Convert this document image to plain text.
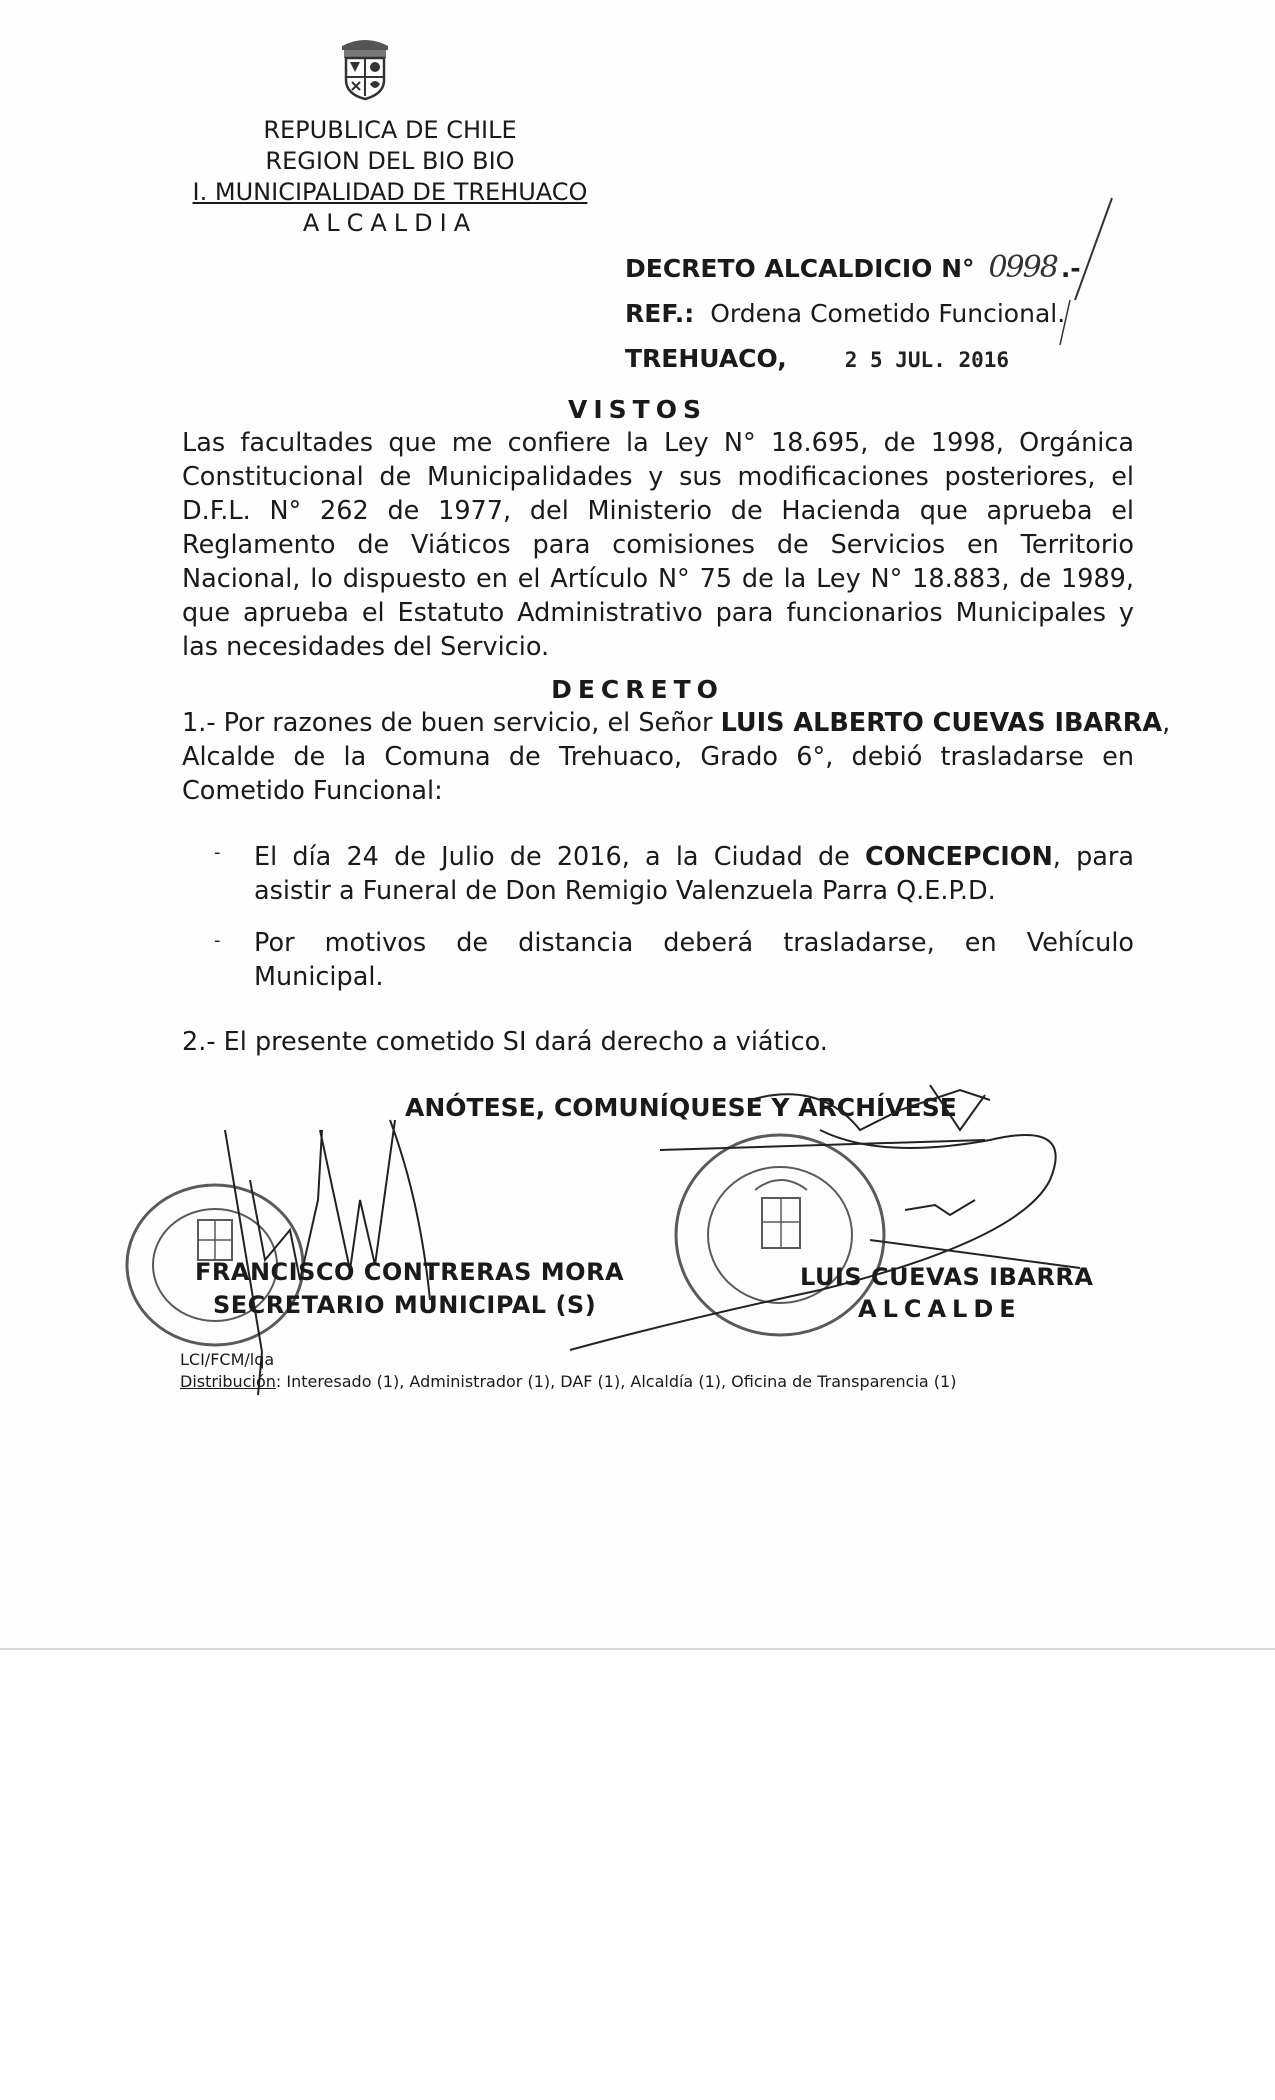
REPUBLICA DE CHILE
REGION DEL BIO BIO
I. MUNICIPALIDAD DE TREHUACO
ALCALDIA
DECRETO ALCALDICIO N° 0998 .-
REF.: Ordena Cometido Funcional.
TREHUACO,	2 5 JUL. 2016
VISTOS
Las facultades que me confiere la Ley N° 18.695, de 1998, Orgánica
Constitucional de Municipalidades y sus modificaciones posteriores, el
D.F.L. N° 262 de 1977, del Ministerio de Hacienda que aprueba el
Reglamento de Viáticos para comisiones de Servicios en Territorio
Nacional, lo dispuesto en el Artículo N° 75 de la Ley N° 18.883, de 1989,
que aprueba el Estatuto Administrativo para funcionarios Municipales y
las necesidades del Servicio.
DECRETO
1.- Por razones de buen servicio, el Señor LUIS ALBERTO CUEVAS IBARRA,
Alcalde de la Comuna de Trehuaco, Grado 6°, debió trasladarse en
Cometido Funcional:
- El día 24 de Julio de 2016, a la Ciudad de CONCEPCION, para
asistir a Funeral de Don Remigio Valenzuela Parra Q.E.P.D.
- Por motivos de distancia deberá trasladarse, en Vehículo
Municipal.
2.- El presente cometido SI dará derecho a viático.
ANÓTESE, COMUNÍQUESE Y ARCHÍVESE
FRANCISCO CONTRERAS MORA
SECRETARIO MUNICIPAL (S)
LUIS CUEVAS IBARRA
ALCALDE
LCI/FCM/lqa
Distribución: Interesado (1), Administrador (1), DAF (1), Alcaldía (1), Oficina de Transparencia (1)
